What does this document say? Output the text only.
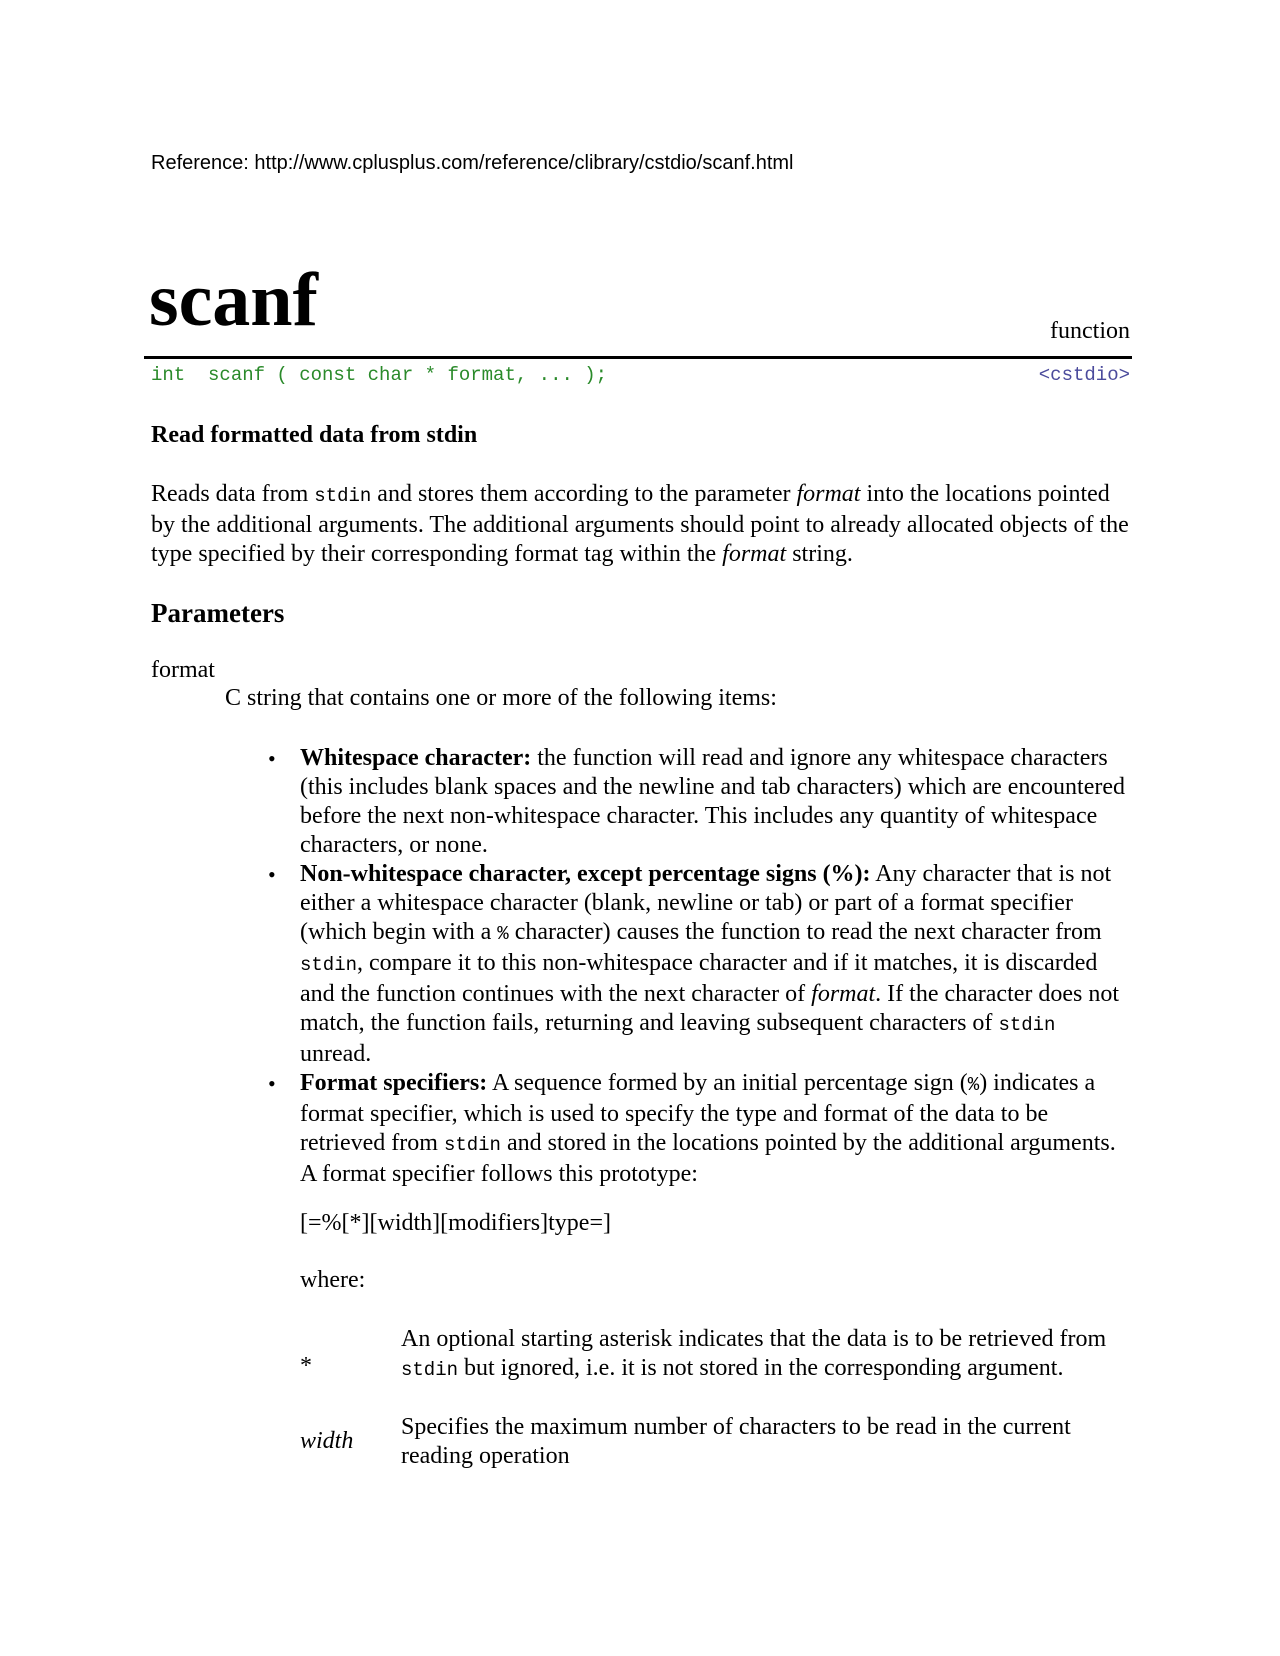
Reference: http://www.cplusplus.com/reference/clibrary/cstdio/scanf.html
scanf	function
int  scanf ( const char * format, ... );	<cstdio>
Read formatted data from stdin

Reads data from stdin and stores them according to the parameter format into the locations pointed by the additional arguments. The additional arguments should point to already allocated objects of the type specified by their corresponding format tag within the format string.

Parameters
format
C string that contains one or more of the following items:
• Whitespace character: the function will read and ignore any whitespace characters (this includes blank spaces and the newline and tab characters) which are encountered before the next non-whitespace character. This includes any quantity of whitespace characters, or none.
• Non-whitespace character, except percentage signs (%): Any character that is not either a whitespace character (blank, newline or tab) or part of a format specifier (which begin with a % character) causes the function to read the next character from stdin, compare it to this non-whitespace character and if it matches, it is discarded and the function continues with the next character of format. If the character does not match, the function fails, returning and leaving subsequent characters of stdin unread.
• Format specifiers: A sequence formed by an initial percentage sign (%) indicates a format specifier, which is used to specify the type and format of the data to be retrieved from stdin and stored in the locations pointed by the additional arguments. A format specifier follows this prototype:
[=%[*][width][modifiers]type=]
where:
*
An optional starting asterisk indicates that the data is to be retrieved from stdin but ignored, i.e. it is not stored in the corresponding argument.
width
Specifies the maximum number of characters to be read in the current reading operation
